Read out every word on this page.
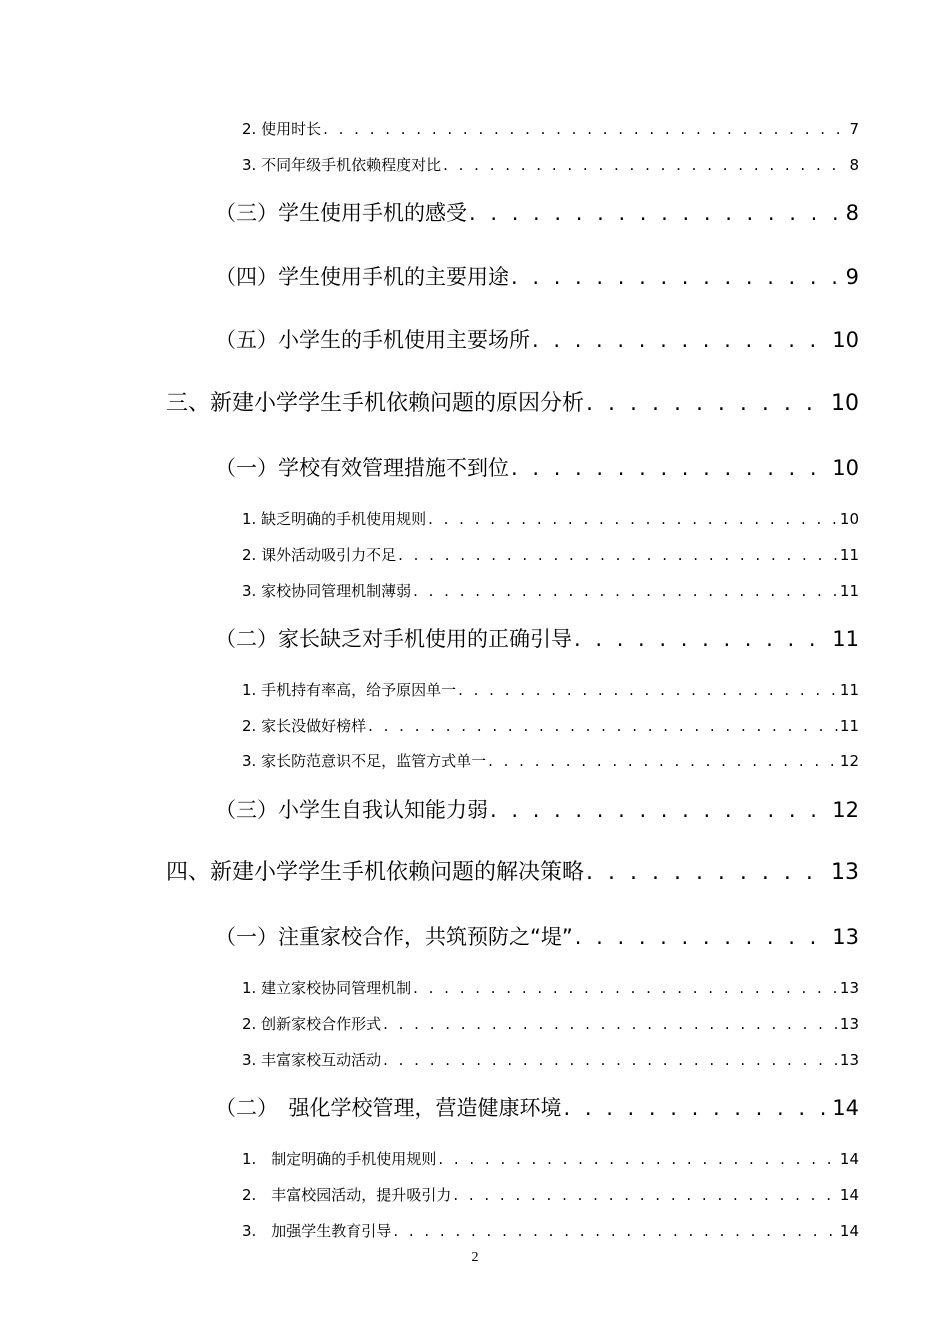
2. 使用时长 . . .	7
3. 不同年级手机依赖程度对比 . . .	8
（三）学生使用手机的感受 . . .	8
（四）学生使用手机的主要用途 . . .	9
（五）小学生的手机使用主要场所 . . .	10
三、新建小学学生手机依赖问题的原因分析 . . .	10
（一）学校有效管理措施不到位 . . .	10
1. 缺乏明确的手机使用规则 . . .	10
2. 课外活动吸引力不足 . . .	11
3. 家校协同管理机制薄弱 . . .	11
（二）家长缺乏对手机使用的正确引导 . . .	11
1. 手机持有率高，给予原因单一 . . .	11
2. 家长没做好榜样 . . .	11
3. 家长防范意识不足，监管方式单一 . . .	12
（三）小学生自我认知能力弱 . . .	12
四、新建小学学生手机依赖问题的解决策略 . . .	13
（一）注重家校合作，共筑预防之“堤” . . .	13
1. 建立家校协同管理机制 . . .	13
2. 创新家校合作形式 . . .	13
3. 丰富家校互动活动 . . .	13
（二）　强化学校管理，营造健康环境 . . .	14
1.　制定明确的手机使用规则 . . .	14
2.　丰富校园活动，提升吸引力 . . .	14
3.　加强学生教育引导 . . .	14
2
